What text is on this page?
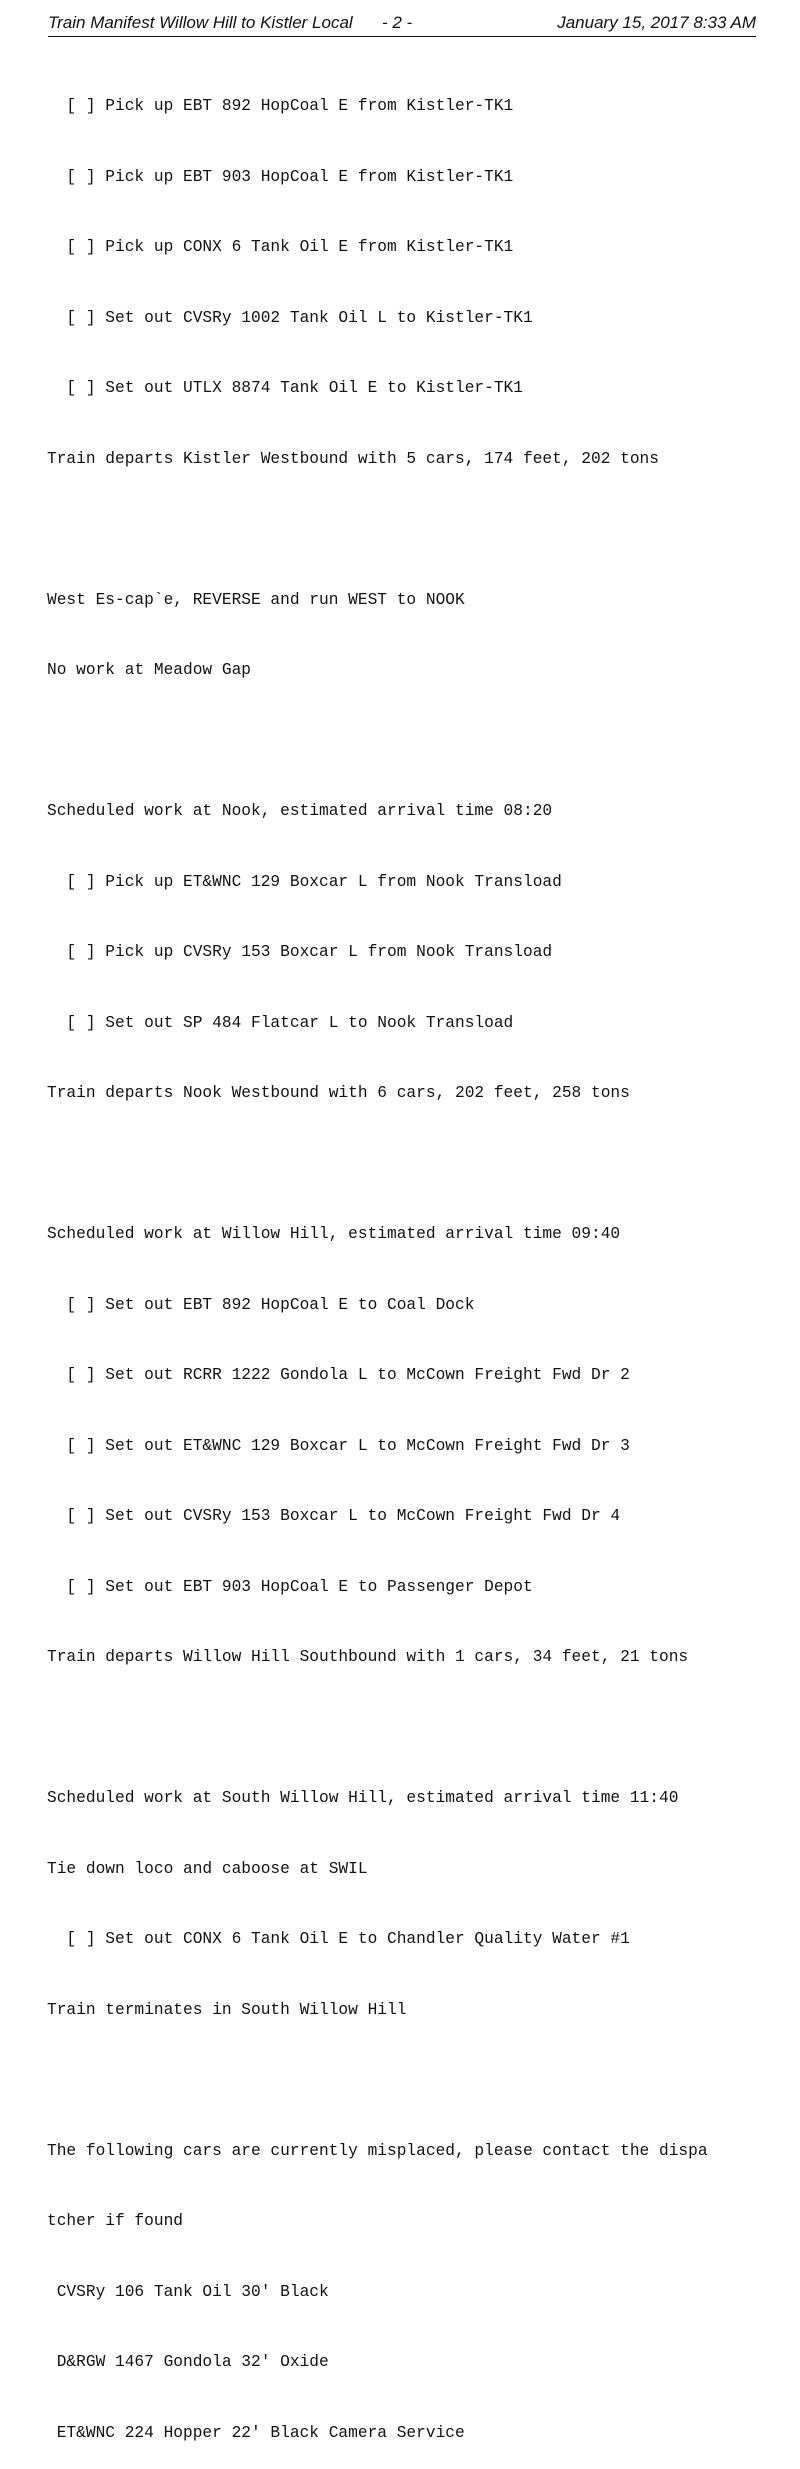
Train Manifest Willow Hill to Kistler Local - 2 -	January 15, 2017 8:33 AM

[ ] Pick up EBT 892 HopCoal E from Kistler-TK1

[ ] Pick up EBT 903 HopCoal E from Kistler-TK1

[ ] Pick up CONX 6 Tank Oil E from Kistler-TK1

[ ] Set out CVSRy 1002 Tank Oil L to Kistler-TK1

[ ] Set out UTLX 8874 Tank Oil E to Kistler-TK1

Train departs Kistler Westbound with 5 cars, 174 feet, 202 tons

West Es-cap`e, REVERSE and run WEST to NOOK

No work at Meadow Gap

Scheduled work at Nook, estimated arrival time 08:20

[ ] Pick up ET&WNC 129 Boxcar L from Nook Transload

[ ] Pick up CVSRy 153 Boxcar L from Nook Transload

[ ] Set out SP 484 Flatcar L to Nook Transload

Train departs Nook Westbound with 6 cars, 202 feet, 258 tons

Scheduled work at Willow Hill, estimated arrival time 09:40

[ ] Set out EBT 892 HopCoal E to Coal Dock

[ ] Set out RCRR 1222 Gondola L to McCown Freight Fwd Dr 2

[ ] Set out ET&WNC 129 Boxcar L to McCown Freight Fwd Dr 3

[ ] Set out CVSRy 153 Boxcar L to McCown Freight Fwd Dr 4

[ ] Set out EBT 903 HopCoal E to Passenger Depot

Train departs Willow Hill Southbound with 1 cars, 34 feet, 21 tons

Scheduled work at South Willow Hill, estimated arrival time 11:40

Tie down loco and caboose at SWIL

[ ] Set out CONX 6 Tank Oil E to Chandler Quality Water #1

Train terminates in South Willow Hill

The following cars are currently misplaced, please contact the dispa

tcher if found

CVSRy 106 Tank Oil 30' Black

D&RGW 1467 Gondola 32' Oxide

ET&WNC 224 Hopper 22' Black Camera Service
